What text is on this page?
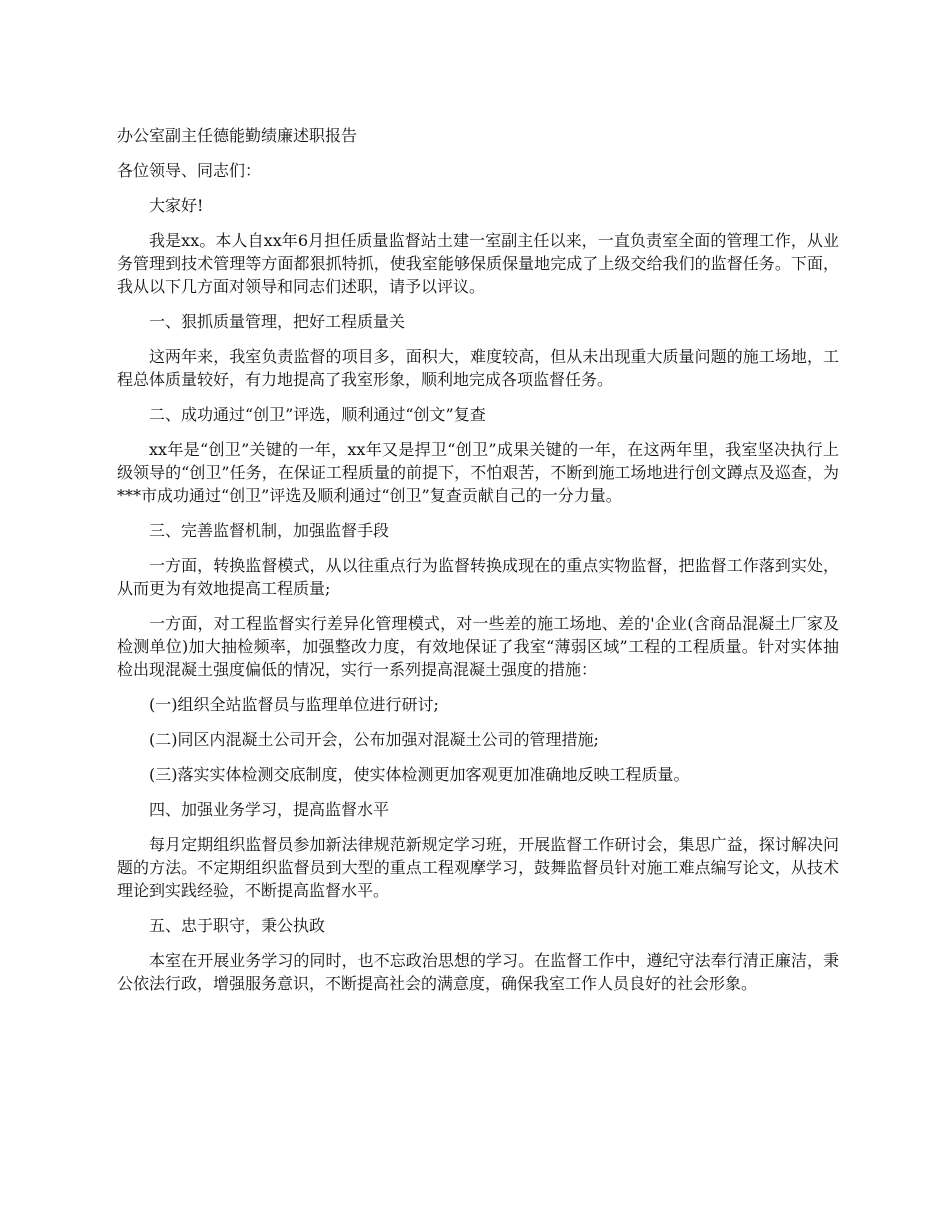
办公室副主任德能勤绩廉述职报告
各位领导、同志们：
大家好!
我是xx。本人自xx年6月担任质量监督站土建一室副主任以来，一直负责室全面的管理工作，从业务管理到技术管理等方面都狠抓特抓，使我室能够保质保量地完成了上级交给我们的监督任务。下面，我从以下几方面对领导和同志们述职，请予以评议。
一、狠抓质量管理，把好工程质量关
这两年来，我室负责监督的项目多，面积大，难度较高，但从未出现重大质量问题的施工场地，工程总体质量较好，有力地提高了我室形象，顺利地完成各项监督任务。
二、成功通过“创卫”评选，顺利通过“创文”复查
xx年是“创卫”关键的一年，xx年又是捍卫“创卫”成果关键的一年，在这两年里，我室坚决执行上级领导的“创卫”任务，在保证工程质量的前提下，不怕艰苦，不断到施工场地进行创文蹲点及巡查，为***市成功通过“创卫”评选及顺利通过“创卫”复查贡献自己的一分力量。
三、完善监督机制，加强监督手段
一方面，转换监督模式，从以往重点行为监督转换成现在的重点实物监督，把监督工作落到实处，从而更为有效地提高工程质量;
一方面，对工程监督实行差异化管理模式，对一些差的施工场地、差的'企业(含商品混凝土厂家及检测单位)加大抽检频率，加强整改力度，有效地保证了我室“薄弱区域”工程的工程质量。针对实体抽检出现混凝土强度偏低的情况，实行一系列提高混凝土强度的措施：
(一)组织全站监督员与监理单位进行研讨;
(二)同区内混凝土公司开会，公布加强对混凝土公司的管理措施;
(三)落实实体检测交底制度，使实体检测更加客观更加准确地反映工程质量。
四、加强业务学习，提高监督水平
每月定期组织监督员参加新法律规范新规定学习班，开展监督工作研讨会，集思广益，探讨解决问题的方法。不定期组织监督员到大型的重点工程观摩学习，鼓舞监督员针对施工难点编写论文，从技术理论到实践经验，不断提高监督水平。
五、忠于职守，秉公执政
本室在开展业务学习的同时，也不忘政治思想的学习。在监督工作中，遵纪守法奉行清正廉洁，秉公依法行政，增强服务意识，不断提高社会的满意度，确保我室工作人员良好的社会形象。
